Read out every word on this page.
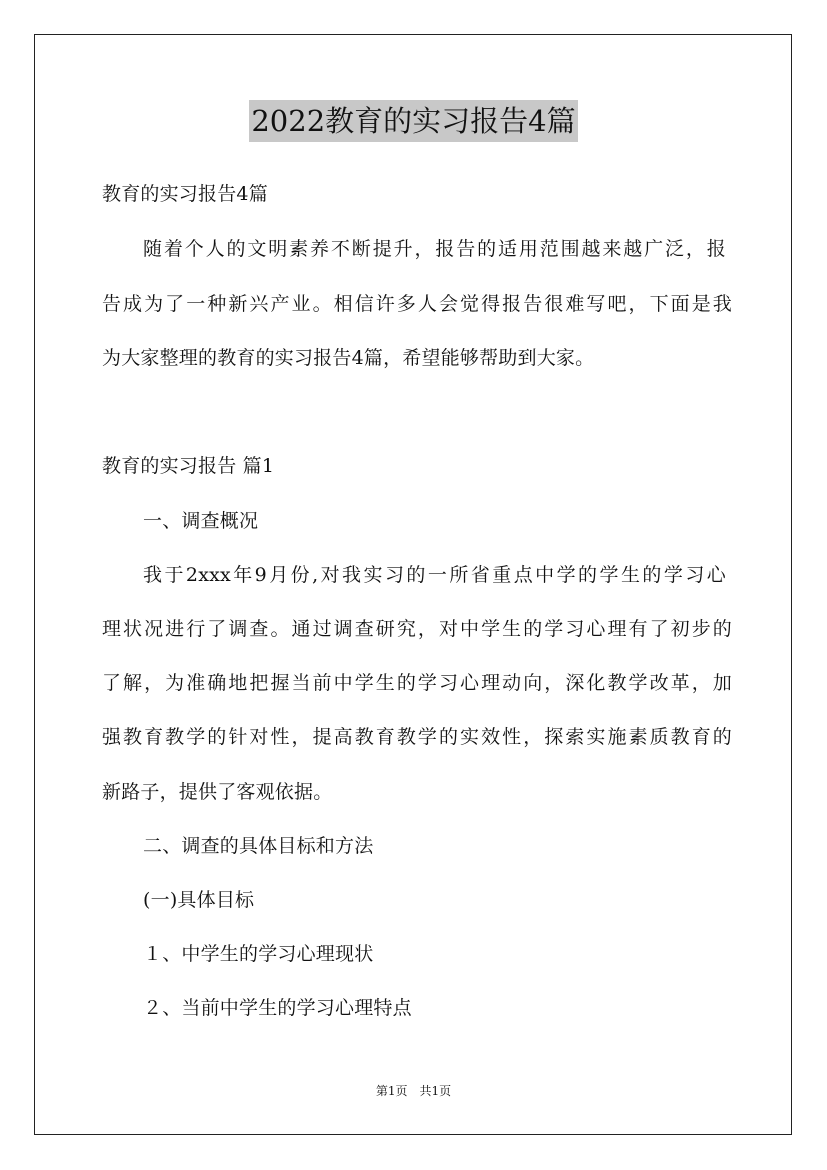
2022教育的实习报告4篇
教育的实习报告4篇
随着个人的文明素养不断提升，报告的适用范围越来越广泛，报
告成为了一种新兴产业。相信许多人会觉得报告很难写吧，下面是我
为大家整理的教育的实习报告4篇，希望能够帮助到大家。
教育的实习报告 篇1
一、调查概况
我于2xxx年9月份,对我实习的一所省重点中学的学生的学习心
理状况进行了调查。通过调查研究，对中学生的学习心理有了初步的
了解，为准确地把握当前中学生的学习心理动向，深化教学改革，加
强教育教学的针对性，提高教育教学的实效性，探索实施素质教育的
新路子，提供了客观依据。
二、调查的具体目标和方法
(一)具体目标
１、中学生的学习心理现状
２、当前中学生的学习心理特点
第1页　共1页
